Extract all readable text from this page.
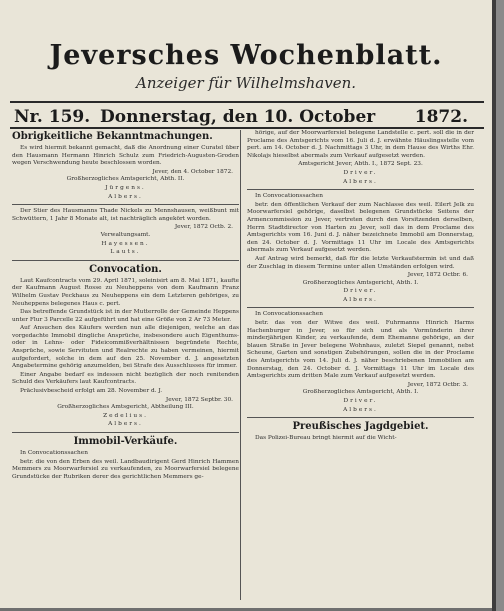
Jeversches Wochenblatt.
Anzeiger für Wilhelmshaven.
Nr. 159. Donnerstag, den 10. October 1872.
Obrigkeitliche Bekanntmachungen.

Es wird hiermit bekannt gemacht, daß die Anordnung einer Curatel über den Hausmann Hermann Hinrich Schulz zum Friedrich-Augusten-Groden wegen Verschwendung heute beschlossen worden.

Jever, den 4. October 1872.

Großherzogliches Amtsgericht, Abth. II.

Jürgens.

Albers.

Der Stier des Hausmanns Thade Nickels zu Mennshausen, weißbunt mit Schwüttern, 1 Jahr 8 Monate alt, ist nachträglich angekört worden.

Jever, 1872 Octb. 2.

Verwaltungsamt.

Hayessen.

Lauts.

Convocation.

Laut Kaufcontracts vom 29. April 1871, soleinisirt am 8. Mai 1871, kaufte der Kaufmann August Rosse zu Neuheppens von dem Kaufmann Franz Wilhelm Gustav Peckhaus zu Neuheppens ein dem Letzteren gehöriges, zu Neuheppens belegenes Haus c. pert.

Das betreffende Grundstück ist in der Mutterrolle der Gemeinde Heppens unter Flur 3 Parcelle 22 aufgeführt und hat eine Größe von 2 Ar 73 Meter.

Auf Ansuchen des Käufers werden nun alle diejenigen, welche an das vorgedachte Immobil dingliche Ansprüche, insbesondere auch Eigenthums- oder in Lehns- oder Fideicommißverhältnissen begründete Rechte, Ansprüche, sowie Servituten und Realrechte zu haben vermeinen, hiermit aufgefordert, solche in dem auf den 25. November d. J. angesetzten Angabetermine gehörig anzumelden, bei Strafe des Ausschlusses für immer.

Einer Angabe bedarf es indessen nicht bezüglich der noch renitenden Schuld des Verkäufers laut Kaufcontracts.

Präclusivbescheid erfolgt am 28. November d. J.

Jever, 1872 Septbr. 30.

Großherzogliches Amtsgericht, Abtheilung III.

Zedelius.

Albers.

Immobil-Verkäufe.

In Convocationssachen

betr. die von den Erben des weil. Landbaudirigent Gerd Hinrich Hammen Memmers zu Moorwarfersiel zu verkaufenden, zu Moorwarfersiel belegene Grundstücke der Rubriken derer des gerichtlichen Memmers ge-

hörige, auf der Moorwarfersiel belegene Landstelle c. pert. soll die in der Proclame des Amtsgerichts vom 16. Juli d. J. erwähnte Häuslingsstelle vom pert. am 14. October d. J. Nachmittags 3 Uhr, in dem Hause des Wirths Ehr. Nikolajs hieselbst abermals zum Verkauf aufgesetzt werden.

Amtsgericht Jever, Abth. I., 1872 Sept. 23.

Driver.

Albers.

In Convocationssachen

betr. den öffentlichen Verkauf der zum Nachlasse des weil. Eilert Jelk zu Moorwarfersiel gehörige, daselbst belegenen Grundstücke Seitens der Armencommission zu Jever, vertreten durch den Vorsitzenden derselben, Herrn Stadtdirector von Harten zu Jever, soll das in dem Proclame des Amtsgerichts vom 16. Juni d. J. näher bezeichnete Immobil am Donnerstag, den 24. October d. J. Vormittags 11 Uhr im Locale des Amtsgerichts abermals zum Verkauf aufgesetzt werden.

Auf Antrag wird bemerkt, daß für die letzte Verkaufstermin ist und daß der Zuschlag in diesem Termine unter allen Umständen erfolgen wird.

Jever, 1872 Octbr. 6.

Großherzogliches Amtsgericht, Abth. I.

Driver.

Albers.

In Convocationssachen

betr. das von der Witwe des weil. Fuhrmanns Hinrich Harms Hachenburger in Jever, so für sich und als Vormünderin ihrer minderjährigen Kinder, zu verkaufende, dem Ehemanne gehörige, an der blauen Straße in Jever belegene Wohnhaus, zuletzt Siepel genannt, nebst Scheune, Garten und sonstigen Zubehörungen, sollen die in der Proclame des Amtsgerichts vom 14. Juli d. J. näher beschriebenen Immobilien am Donnerstag, den 24. October d. J. Vormittags 11 Uhr im Locale des Amtsgerichts zum dritten Male zum Verkauf aufgesetzt werden.

Jever, 1872 Octbr. 3.

Großherzogliches Amtsgericht, Abth. I.

Driver.

Albers.

Preußisches Jagdgebiet.

Das Polizei-Bureau bringt hiermit auf die Wicht-
